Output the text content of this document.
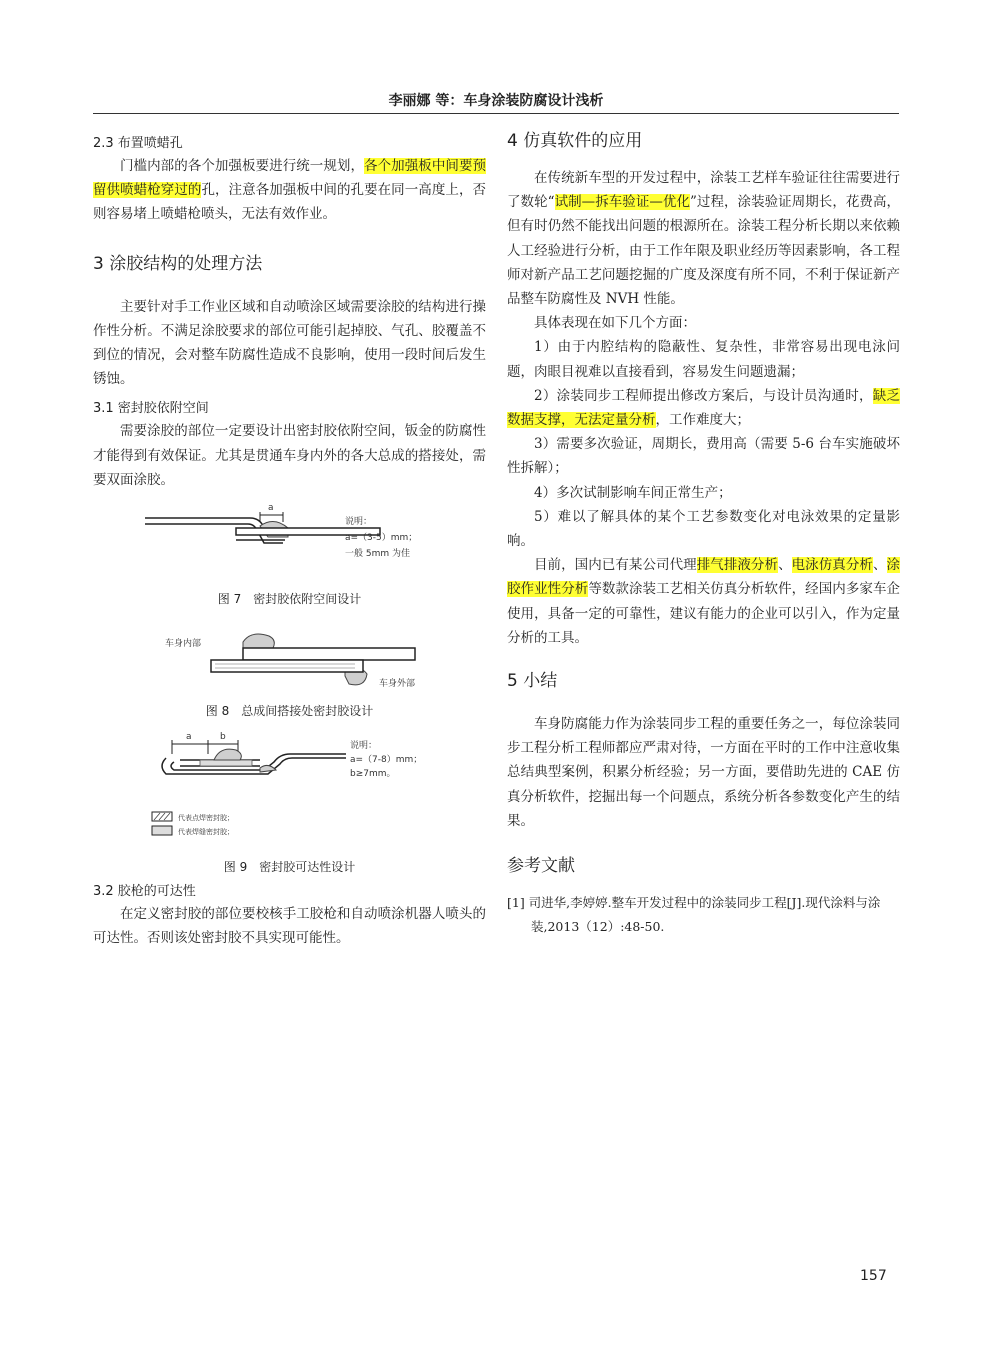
李丽娜 等：车身涂装防腐设计浅析
2.3 布置喷蜡孔

门槛内部的各个加强板要进行统一规划，各个加强板中间要预留供喷蜡枪穿过的孔，注意各加强板中间的孔要在同一高度上，否则容易堵上喷蜡枪喷头，无法有效作业。

3 涂胶结构的处理方法

主要针对手工作业区域和自动喷涂区域需要涂胶的结构进行操作性分析。不满足涂胶要求的部位可能引起掉胶、气孔、胶覆盖不到位的情况，会对整车防腐性造成不良影响，使用一段时间后发生锈蚀。

3.1 密封胶依附空间

需要涂胶的部位一定要设计出密封胶依附空间，钣金的防腐性才能得到有效保证。尤其是贯通车身内外的各大总成的搭接处，需要双面涂胶。

a
说明：
a=（3-5）mm；
一般 5mm 为佳
图 7　密封胶依附空间设计
车身内部
车身外部
图 8　总成间搭接处密封胶设计
a	b
说明：
a=（7-8）mm；
b≥7mm。
代表点焊密封胶；
代表焊缝密封胶；
图 9　密封胶可达性设计
3.2 胶枪的可达性

在定义密封胶的部位要校核手工胶枪和自动喷涂机器人喷头的可达性。否则该处密封胶不具实现可能性。

4 仿真软件的应用

在传统新车型的开发过程中，涂装工艺样车验证往往需要进行了数轮“试制—拆车验证—优化”过程，涂装验证周期长，花费高，但有时仍然不能找出问题的根源所在。涂装工程分析长期以来依赖人工经验进行分析，由于工作年限及职业经历等因素影响，各工程师对新产品工艺问题挖掘的广度及深度有所不同，不利于保证新产品整车防腐性及 NVH 性能。

具体表现在如下几个方面：

1）由于内腔结构的隐蔽性、复杂性，非常容易出现电泳问题，肉眼目视难以直接看到，容易发生问题遗漏；

2）涂装同步工程师提出修改方案后，与设计员沟通时，缺乏数据支撑，无法定量分析，工作难度大；

3）需要多次验证，周期长，费用高（需要 5-6 台车实施破坏性拆解）；

4）多次试制影响车间正常生产；

5）难以了解具体的某个工艺参数变化对电泳效果的定量影响。

目前，国内已有某公司代理排气排液分析、电泳仿真分析、涂胶作业性分析等数款涂装工艺相关仿真分析软件，经国内多家车企使用，具备一定的可靠性，建议有能力的企业可以引入，作为定量分析的工具。

5 小结

车身防腐能力作为涂装同步工程的重要任务之一，每位涂装同步工程分析工程师都应严肃对待，一方面在平时的工作中注意收集总结典型案例，积累分析经验；另一方面，要借助先进的 CAE 仿真分析软件，挖掘出每一个问题点，系统分析各参数变化产生的结果。

参考文献

[1] 司进华,李婷婷.整车开发过程中的涂装同步工程[J].现代涂料与涂装,2013（12）:48-50.

157
